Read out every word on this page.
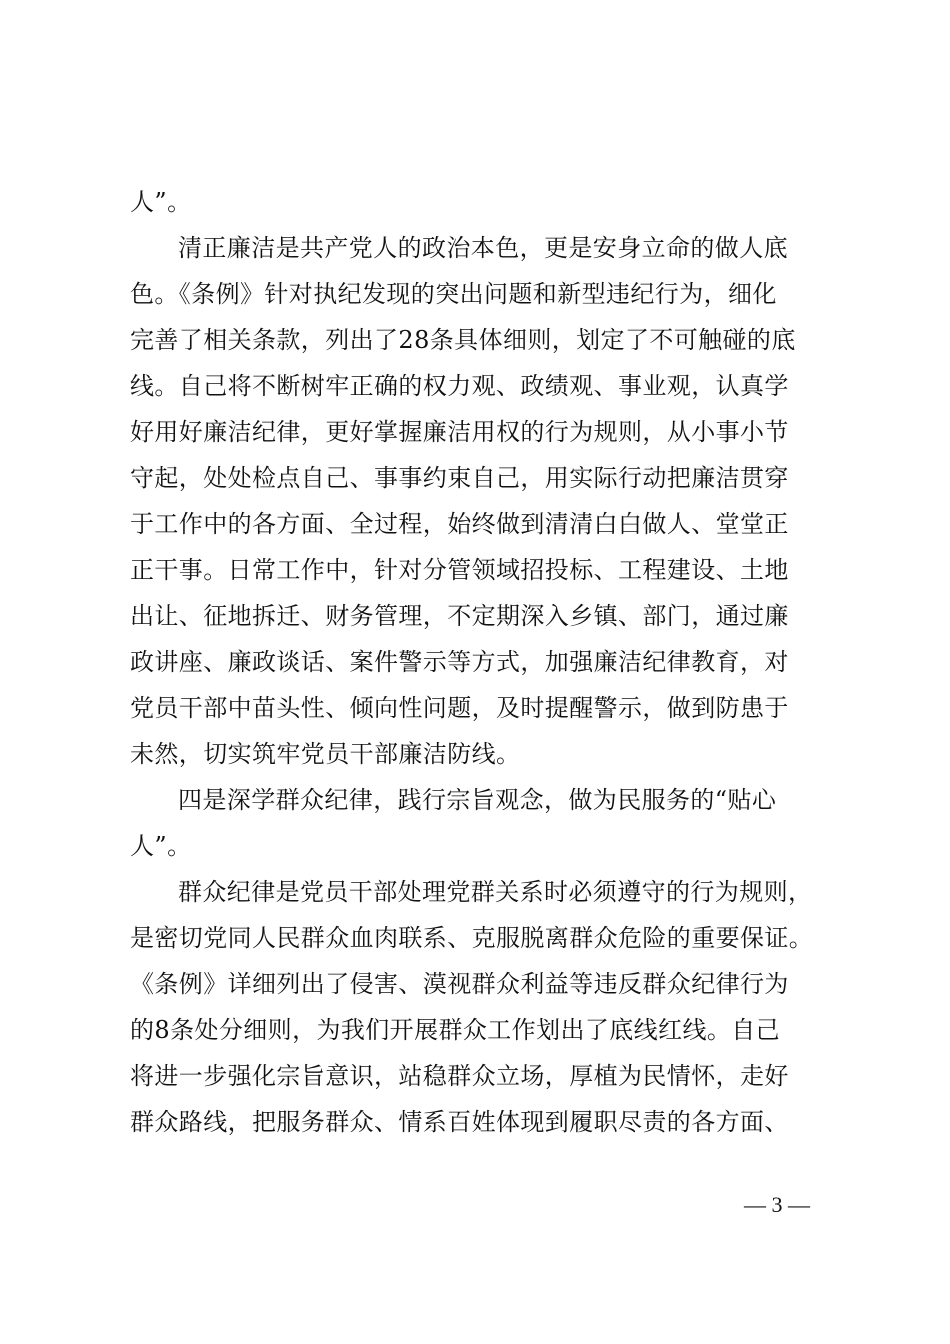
人”。
清正廉洁是共产党人的政治本色，更是安身立命的做人底
色。《条例》针对执纪发现的突出问题和新型违纪行为，细化
完善了相关条款，列出了28条具体细则，划定了不可触碰的底
线。自己将不断树牢正确的权力观、政绩观、事业观，认真学
好用好廉洁纪律，更好掌握廉洁用权的行为规则，从小事小节
守起，处处检点自己、事事约束自己，用实际行动把廉洁贯穿
于工作中的各方面、全过程，始终做到清清白白做人、堂堂正
正干事。日常工作中，针对分管领域招投标、工程建设、土地
出让、征地拆迁、财务管理，不定期深入乡镇、部门，通过廉
政讲座、廉政谈话、案件警示等方式，加强廉洁纪律教育，对
党员干部中苗头性、倾向性问题，及时提醒警示，做到防患于
未然，切实筑牢党员干部廉洁防线。
四是深学群众纪律，践行宗旨观念，做为民服务的“贴心
人”。
群众纪律是党员干部处理党群关系时必须遵守的行为规则，
是密切党同人民群众血肉联系、克服脱离群众危险的重要保证。
《条例》详细列出了侵害、漠视群众利益等违反群众纪律行为
的8条处分细则，为我们开展群众工作划出了底线红线。自己
将进一步强化宗旨意识，站稳群众立场，厚植为民情怀，走好
群众路线，把服务群众、情系百姓体现到履职尽责的各方面、
— 3 —
